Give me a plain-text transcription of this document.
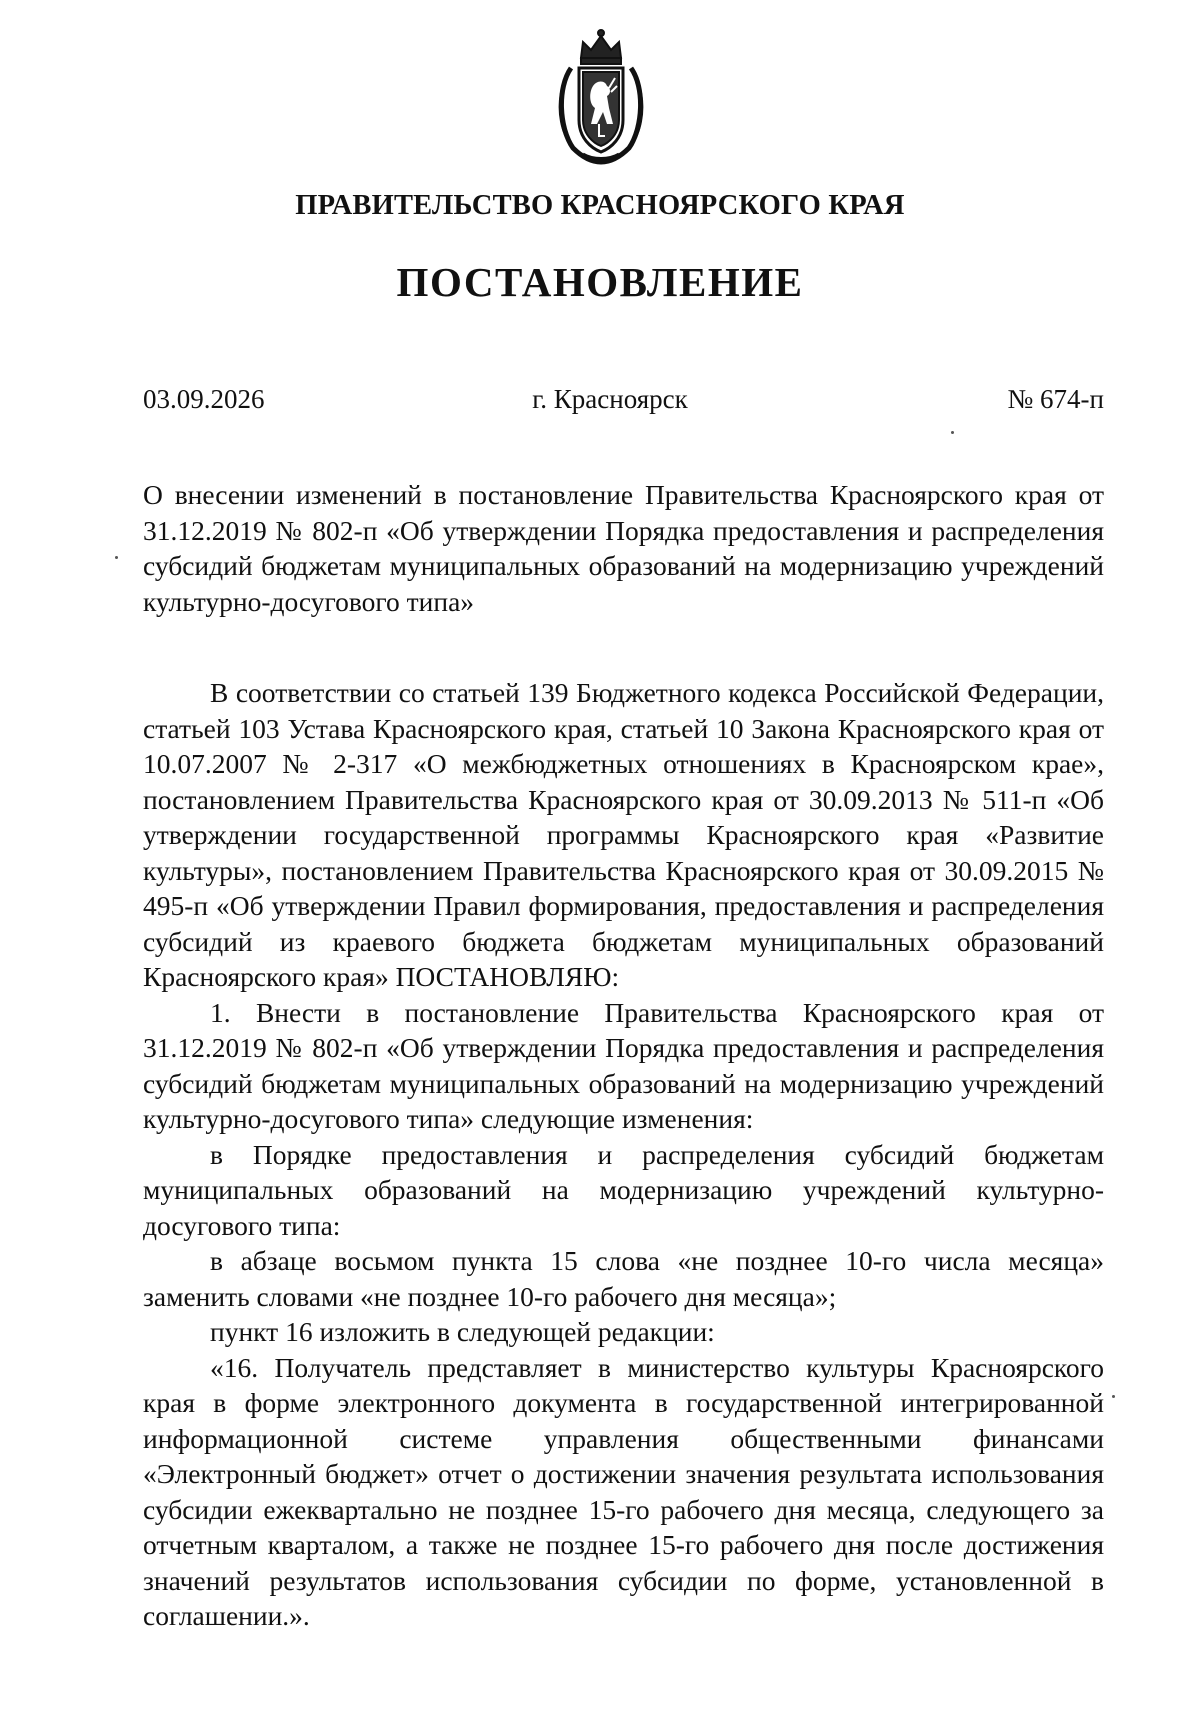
ПРАВИТЕЛЬСТВО КРАСНОЯРСКОГО КРАЯ
ПОСТАНОВЛЕНИЕ
03.09.2026	г. Красноярск	№ 674-п
О внесении изменений в постановление Правительства Красноярского края от 31.12.2019 № 802-п «Об утверждении Порядка предоставления и распределения субсидий бюджетам муниципальных образований на модернизацию учреждений культурно-досугового типа»

В соответствии со статьей 139 Бюджетного кодекса Российской Федерации, статьей 103 Устава Красноярского края, статьей 10 Закона Красноярского края от 10.07.2007 № 2-317 «О межбюджетных отношениях в Красноярском крае», постановлением Правительства Красноярского края от 30.09.2013 № 511-п «Об утверждении государственной программы Красноярского края «Развитие культуры», постановлением Правительства Красноярского края от 30.09.2015 № 495-п «Об утверждении Правил формирования, предоставления и распределения субсидий из краевого бюджета бюджетам муниципальных образований Красноярского края» ПОСТАНОВЛЯЮ:

1. Внести в постановление Правительства Красноярского края от 31.12.2019 № 802-п «Об утверждении Порядка предоставления и распределения субсидий бюджетам муниципальных образований на модернизацию учреждений культурно-досугового типа» следующие изменения:

в Порядке предоставления и распределения субсидий бюджетам муниципальных образований на модернизацию учреждений культурно-досугового типа:

в абзаце восьмом пункта 15 слова «не позднее 10-го числа месяца» заменить словами «не позднее 10-го рабочего дня месяца»;

пункт 16 изложить в следующей редакции:

«16. Получатель представляет в министерство культуры Красноярского края в форме электронного документа в государственной интегрированной информационной системе управления общественными финансами «Электронный бюджет» отчет о достижении значения результата использования субсидии ежеквартально не позднее 15-го рабочего дня месяца, следующего за отчетным кварталом, а также не позднее 15-го рабочего дня после достижения значений результатов использования субсидии по форме, установленной в соглашении.».
